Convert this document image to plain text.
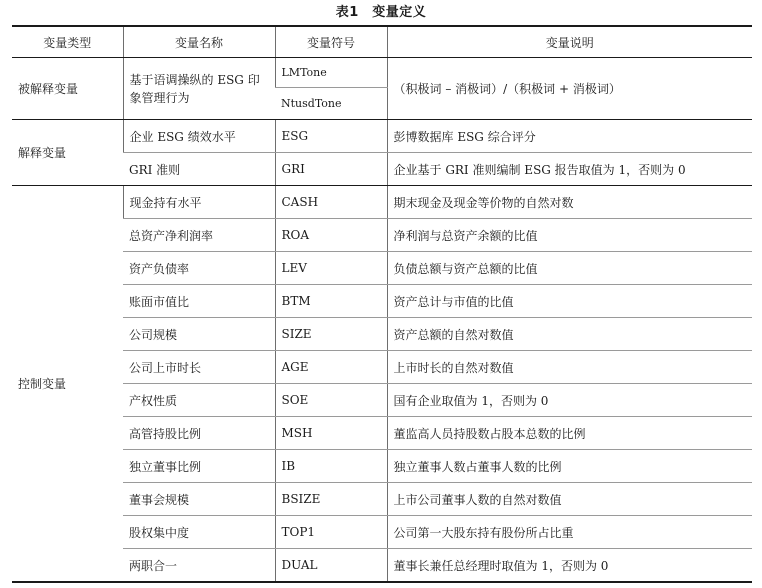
表1　变量定义
变量类型	变量名称	变量符号	变量说明
被解释变量	基于语调操纵的 ESG 印象管理行为	LMTone	（积极词 – 消极词）/（积极词 + 消极词）
		NtusdTone	
解释变量	企业 ESG 绩效水平	ESG	彭博数据库 ESG 综合评分
	GRI 准则	GRI	企业基于 GRI 准则编制 ESG 报告取值为 1，否则为 0
控制变量	现金持有水平	CASH	期末现金及现金等价物的自然对数
	总资产净利润率	ROA	净利润与总资产余额的比值
	资产负债率	LEV	负债总额与资产总额的比值
	账面市值比	BTM	资产总计与市值的比值
	公司规模	SIZE	资产总额的自然对数值
	公司上市时长	AGE	上市时长的自然对数值
	产权性质	SOE	国有企业取值为 1，否则为 0
	高管持股比例	MSH	董监高人员持股数占股本总数的比例
	独立董事比例	IB	独立董事人数占董事人数的比例
	董事会规模	BSIZE	上市公司董事人数的自然对数值
	股权集中度	TOP1	公司第一大股东持有股份所占比重
	两职合一	DUAL	董事长兼任总经理时取值为 1，否则为 0
